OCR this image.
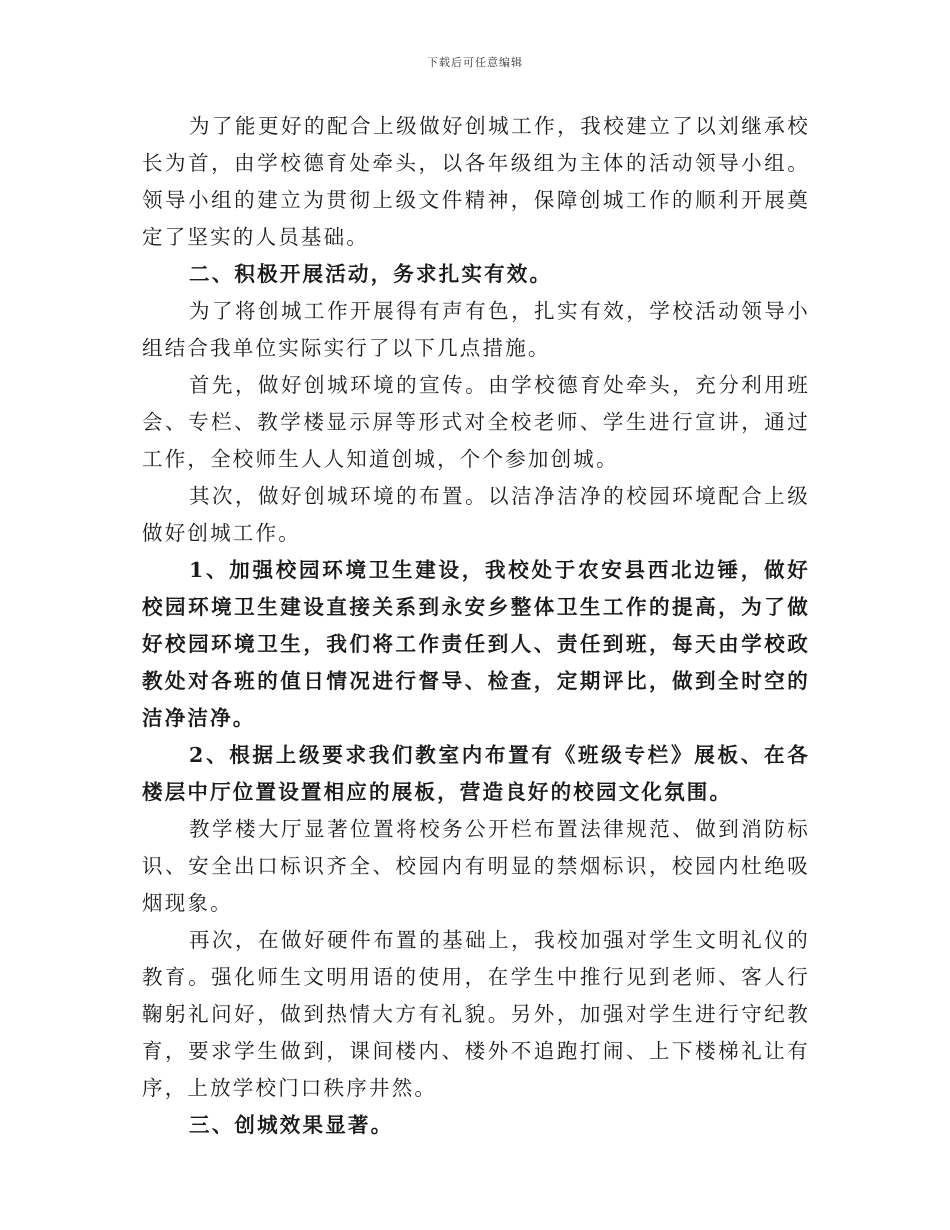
下载后可任意编辑

为了能更好的配合上级做好创城工作，我校建立了以刘继承校长为首，由学校德育处牵头，以各年级组为主体的活动领导小组。领导小组的建立为贯彻上级文件精神，保障创城工作的顺利开展奠定了坚实的人员基础。

二、积极开展活动，务求扎实有效。

为了将创城工作开展得有声有色，扎实有效，学校活动领导小组结合我单位实际实行了以下几点措施。

首先，做好创城环境的宣传。由学校德育处牵头，充分利用班会、专栏、教学楼显示屏等形式对全校老师、学生进行宣讲，通过工作，全校师生人人知道创城，个个参加创城。

其次，做好创城环境的布置。以洁净洁净的校园环境配合上级做好创城工作。

1、加强校园环境卫生建设，我校处于农安县西北边锤，做好校园环境卫生建设直接关系到永安乡整体卫生工作的提高，为了做好校园环境卫生，我们将工作责任到人、责任到班，每天由学校政教处对各班的值日情况进行督导、检查，定期评比，做到全时空的洁净洁净。

2、根据上级要求我们教室内布置有《班级专栏》展板、在各楼层中厅位置设置相应的展板，营造良好的校园文化氛围。

教学楼大厅显著位置将校务公开栏布置法律规范、做到消防标识、安全出口标识齐全、校园内有明显的禁烟标识，校园内杜绝吸烟现象。

再次，在做好硬件布置的基础上，我校加强对学生文明礼仪的教育。强化师生文明用语的使用，在学生中推行见到老师、客人行鞠躬礼问好，做到热情大方有礼貌。另外，加强对学生进行守纪教育，要求学生做到，课间楼内、楼外不追跑打闹、上下楼梯礼让有序，上放学校门口秩序井然。

三、创城效果显著。
